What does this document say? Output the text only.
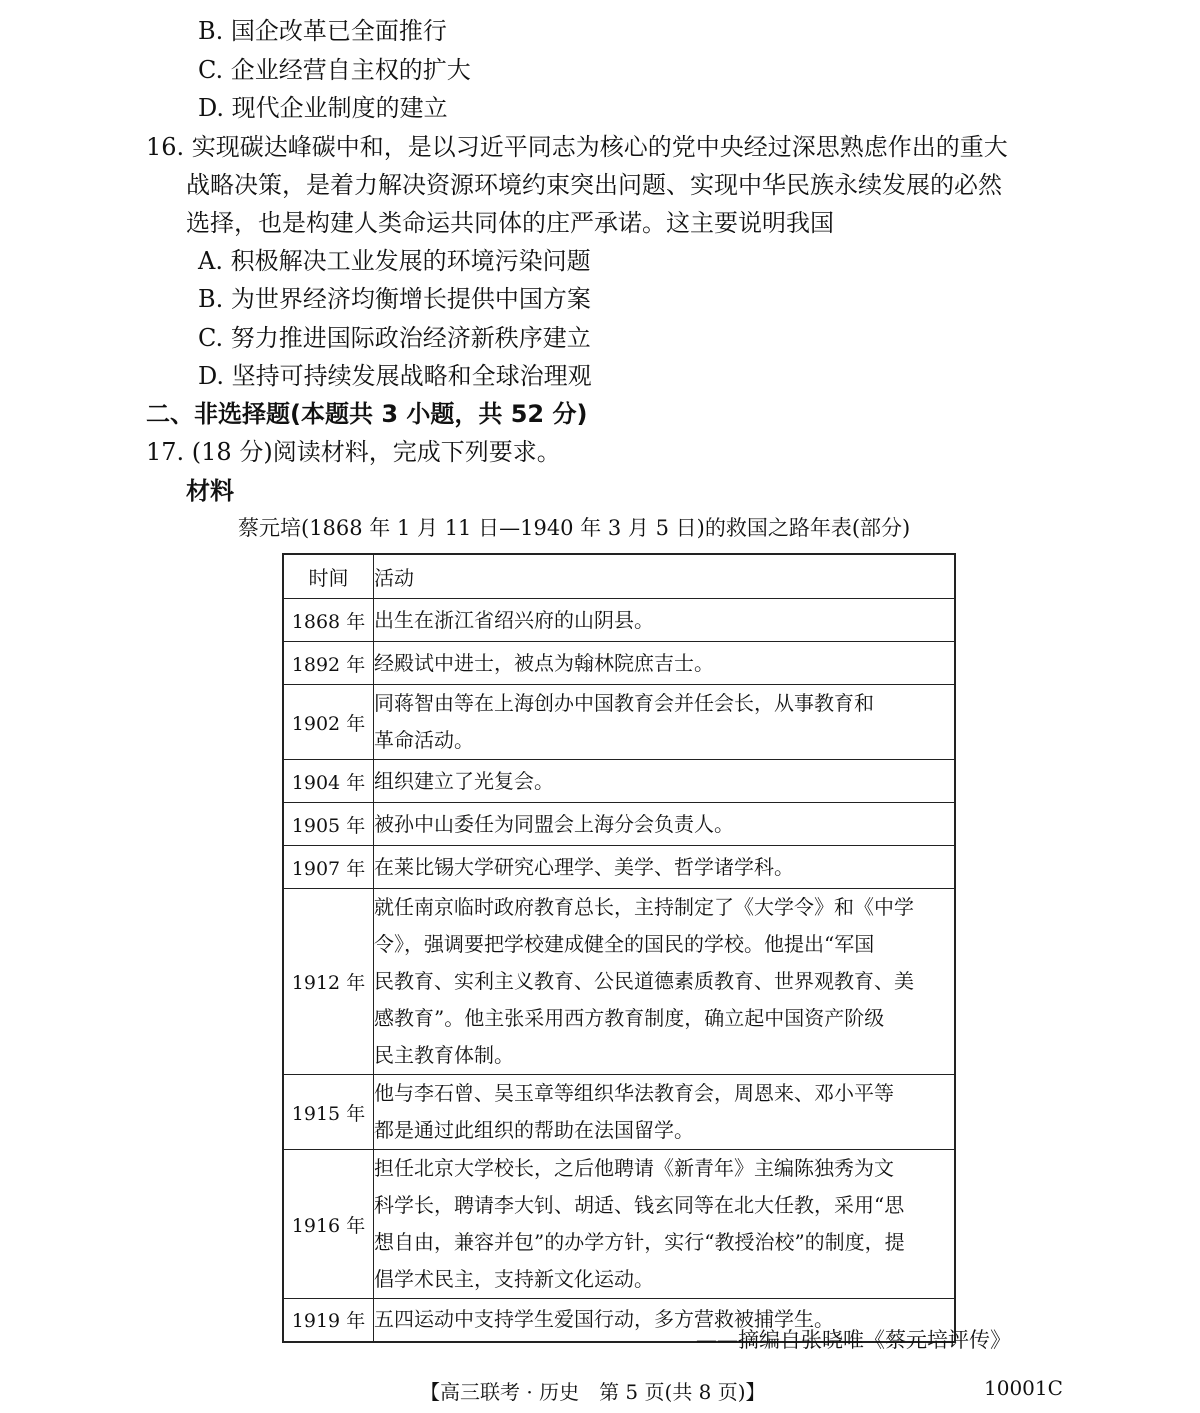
B. 国企改革已全面推行
C. 企业经营自主权的扩大
D. 现代企业制度的建立
16. 实现碳达峰碳中和，是以习近平同志为核心的党中央经过深思熟虑作出的重大
战略决策，是着力解决资源环境约束突出问题、实现中华民族永续发展的必然
选择，也是构建人类命运共同体的庄严承诺。这主要说明我国
A. 积极解决工业发展的环境污染问题
B. 为世界经济均衡增长提供中国方案
C. 努力推进国际政治经济新秩序建立
D. 坚持可持续发展战略和全球治理观
二、非选择题(本题共 3 小题，共 52 分)
17. (18 分)阅读材料，完成下列要求。
材料
蔡元培(1868 年 1 月 11 日—1940 年 3 月 5 日)的救国之路年表(部分)
时间	活动
1868 年	出生在浙江省绍兴府的山阴县。

1892 年	经殿试中进士，被点为翰林院庶吉士。

1902 年	同蒋智由等在上海创办中国教育会并任会长，从事教育和
革命活动。

1904 年	组织建立了光复会。

1905 年	被孙中山委任为同盟会上海分会负责人。

1907 年	在莱比锡大学研究心理学、美学、哲学诸学科。

1912 年	就任南京临时政府教育总长，主持制定了《大学令》和《中学
令》，强调要把学校建成健全的国民的学校。他提出“军国
民教育、实利主义教育、公民道德素质教育、世界观教育、美
感教育”。他主张采用西方教育制度，确立起中国资产阶级
民主教育体制。

1915 年	他与李石曾、吴玉章等组织华法教育会，周恩来、邓小平等
都是通过此组织的帮助在法国留学。

1916 年	担任北京大学校长，之后他聘请《新青年》主编陈独秀为文
科学长，聘请李大钊、胡适、钱玄同等在北大任教，采用“思
想自由，兼容并包”的办学方针，实行“教授治校”的制度，提
倡学术民主，支持新文化运动。

1919 年	五四运动中支持学生爱国行动，多方营救被捕学生。
——摘编自张晓唯《蔡元培评传》
【高三联考 · 历史　第 5 页(共 8 页)】	10001C
